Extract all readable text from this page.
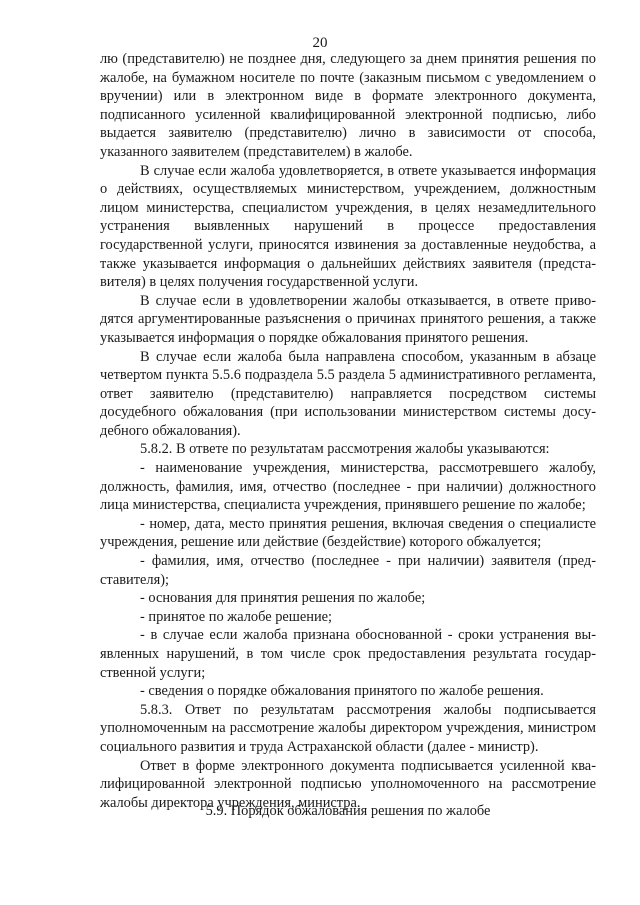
20

лю (представителю) не позднее дня, следующего за днем принятия решения по жалобе, на бумажном носителе по почте (заказным письмом с уведомлением о вручении) или в электронном виде в формате электронного документа, подписанного усиленной квалифицированной электронной подписью, либо выдается заявителю (представителю) лично в зависимости от способа, указанного заявителем (представителем) в жалобе.

В случае если жалоба удовлетворяется, в ответе указывается информация о действиях, осуществляемых министерством, учреждением, должностным лицом министерства, специалистом учреждения, в целях незамедлительного устранения выявленных нарушений в процессе предоставления государственной услуги, приносятся извинения за доставленные неудобства, а также указывается информация о дальнейших действиях заявителя (представителя) в целях получения государственной услуги.

В случае если в удовлетворении жалобы отказывается, в ответе приводятся аргументированные разъяснения о причинах принятого решения, а также указывается информация о порядке обжалования принятого решения.

В случае если жалоба была направлена способом, указанным в абзаце четвертом пункта 5.5.6 подраздела 5.5 раздела 5 административного регламента, ответ заявителю (представителю) направляется посредством системы досудебного обжалования (при использовании министерством системы досудебного обжалования).

5.8.2. В ответе по результатам рассмотрения жалобы указываются:

- наименование учреждения, министерства, рассмотревшего жалобу, должность, фамилия, имя, отчество (последнее - при наличии) должностного лица министерства, специалиста учреждения, принявшего решение по жалобе;

- номер, дата, место принятия решения, включая сведения о специалисте учреждения, решение или действие (бездействие) которого обжалуется;

- фамилия, имя, отчество (последнее - при наличии) заявителя (представителя);

- основания для принятия решения по жалобе;

- принятое по жалобе решение;

- в случае если жалоба признана обоснованной - сроки устранения выявленных нарушений, в том числе срок предоставления результата государственной услуги;

- сведения о порядке обжалования принятого по жалобе решения.

5.8.3. Ответ по результатам рассмотрения жалобы подписывается уполномоченным на рассмотрение жалобы директором учреждения, министром социального развития и труда Астраханской области (далее - министр).

Ответ в форме электронного документа подписывается усиленной квалифицированной электронной подписью уполномоченного на рассмотрение жалобы директора учреждения, министра.

5.9. Порядок обжалования решения по жалобе
